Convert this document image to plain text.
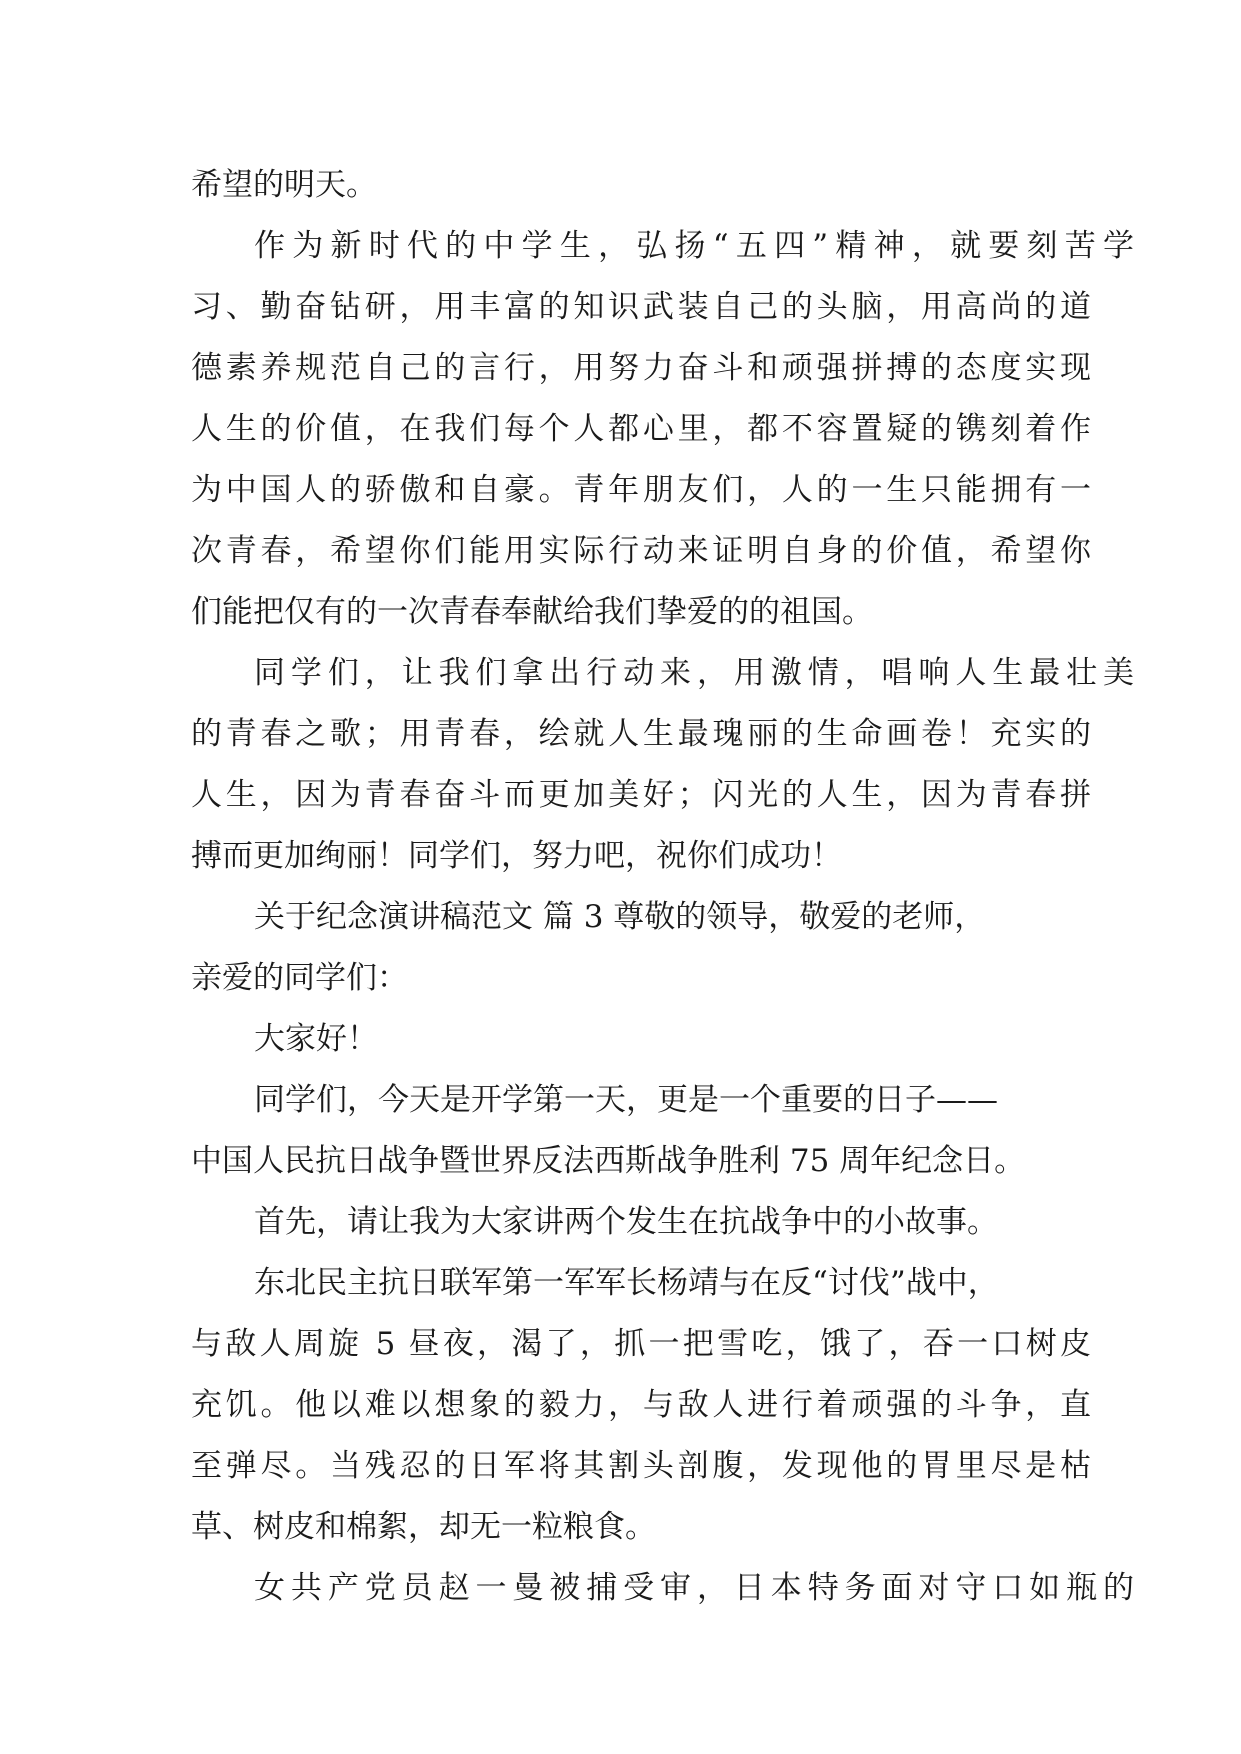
希望的明天。
作为新时代的中学生，弘扬“五四”精神，就要刻苦学
习、勤奋钻研，用丰富的知识武装自己的头脑，用高尚的道
德素养规范自己的言行，用努力奋斗和顽强拼搏的态度实现
人生的价值，在我们每个人都心里，都不容置疑的镌刻着作
为中国人的骄傲和自豪。青年朋友们，人的一生只能拥有一
次青春，希望你们能用实际行动来证明自身的价值，希望你
们能把仅有的一次青春奉献给我们挚爱的的祖国。
同学们，让我们拿出行动来，用激情，唱响人生最壮美
的青春之歌；用青春，绘就人生最瑰丽的生命画卷！充实的
人生，因为青春奋斗而更加美好；闪光的人生，因为青春拼
搏而更加绚丽！同学们，努力吧，祝你们成功！
关于纪念演讲稿范文 篇 3 尊敬的领导，敬爱的老师，
亲爱的同学们：
大家好！
同学们，今天是开学第一天，更是一个重要的日子——
中国人民抗日战争暨世界反法西斯战争胜利 75 周年纪念日。
首先，请让我为大家讲两个发生在抗战争中的小故事。
东北民主抗日联军第一军军长杨靖与在反“讨伐”战中，
与敌人周旋 5 昼夜，渴了，抓一把雪吃，饿了，吞一口树皮
充饥。他以难以想象的毅力，与敌人进行着顽强的斗争，直
至弹尽。当残忍的日军将其割头剖腹，发现他的胃里尽是枯
草、树皮和棉絮，却无一粒粮食。
女共产党员赵一曼被捕受审，日本特务面对守口如瓶的
